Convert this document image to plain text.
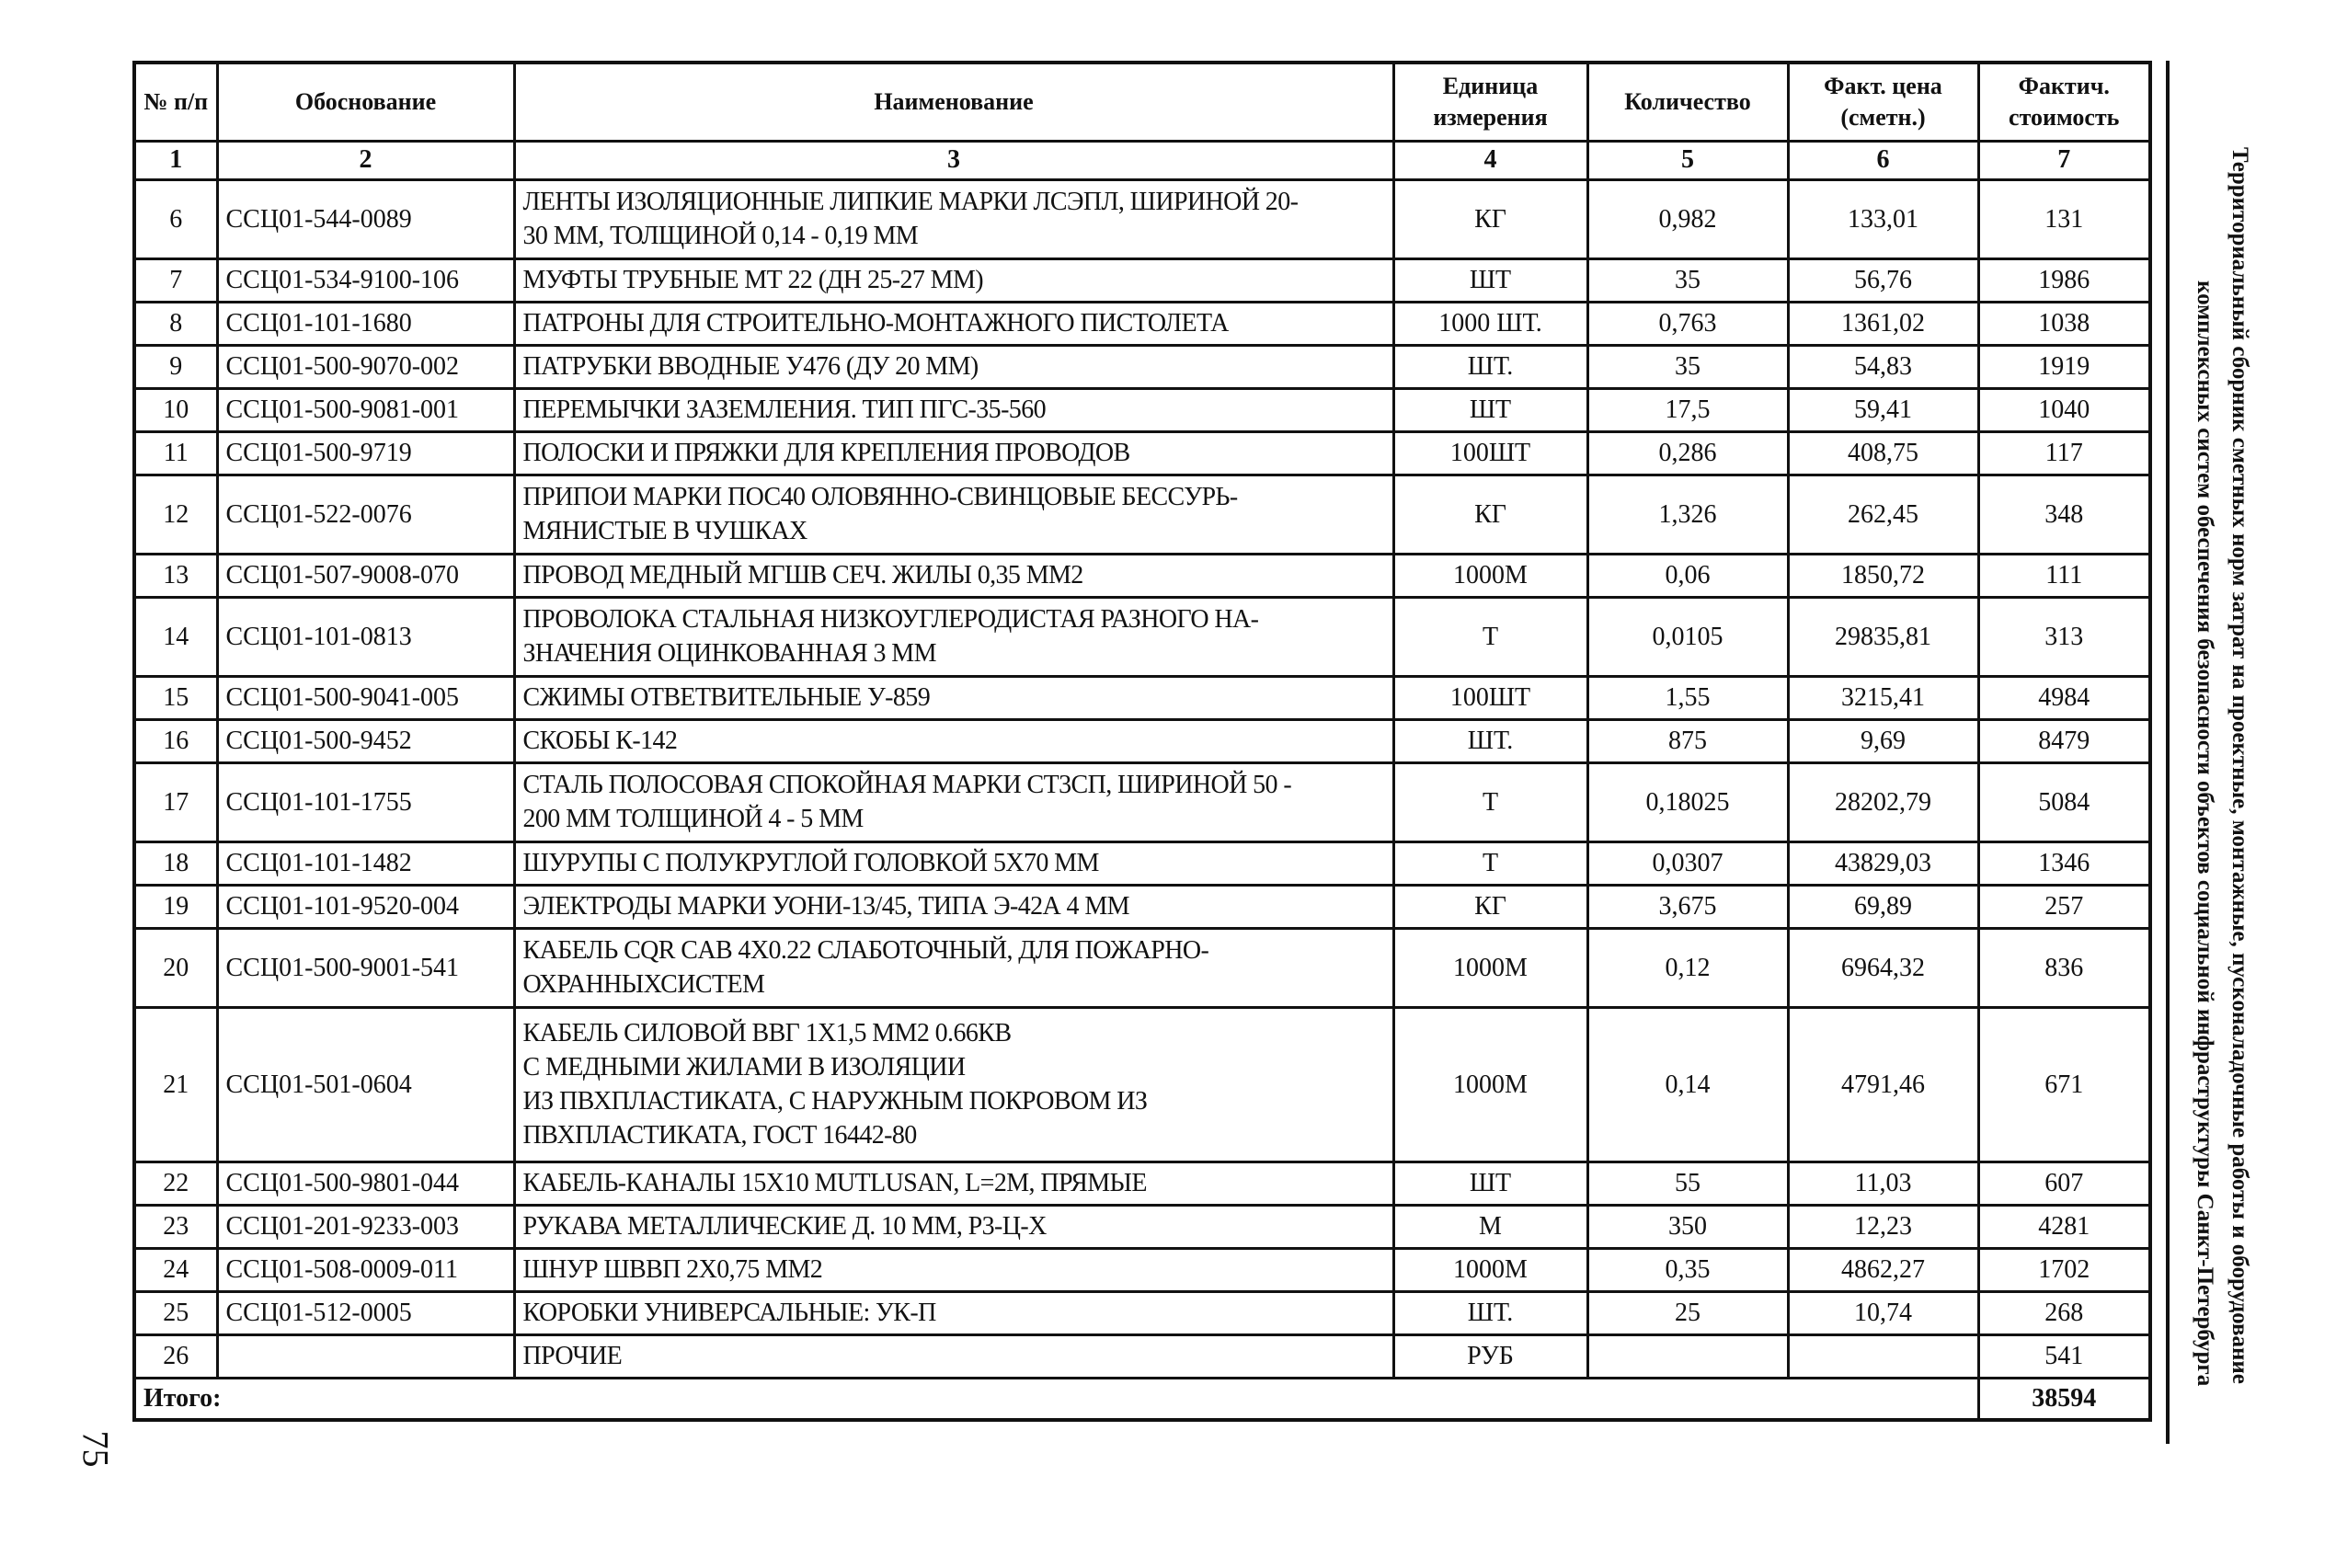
№ п/п	Обоснование	Наименование	Единица измерения	Количество	Факт. цена (сметн.)	Фактич. стоимость
1	2	3	4	5	6	7
6	ССЦ01-544-0089	ЛЕНТЫ ИЗОЛЯЦИОННЫЕ ЛИПКИЕ МАРКИ ЛСЭПЛ, ШИРИНОЙ 20-
30 ММ, ТОЛЩИНОЙ 0,14 - 0,19 ММ	КГ	0,982	133,01	131
7	ССЦ01-534-9100-106	МУФТЫ ТРУБНЫЕ МТ 22 (ДН 25-27 ММ)	ШТ	35	56,76	1986
8	ССЦ01-101-1680	ПАТРОНЫ ДЛЯ СТРОИТЕЛЬНО-МОНТАЖНОГО ПИСТОЛЕТА	1000 ШТ.	0,763	1361,02	1038
9	ССЦ01-500-9070-002	ПАТРУБКИ ВВОДНЫЕ У476 (ДУ 20 ММ)	ШТ.	35	54,83	1919
10	ССЦ01-500-9081-001	ПЕРЕМЫЧКИ ЗАЗЕМЛЕНИЯ. ТИП ПГС-35-560	ШТ	17,5	59,41	1040
11	ССЦ01-500-9719	ПОЛОСКИ И ПРЯЖКИ ДЛЯ КРЕПЛЕНИЯ ПРОВОДОВ	100ШТ	0,286	408,75	117
12	ССЦ01-522-0076	ПРИПОИ МАРКИ ПОС40 ОЛОВЯННО-СВИНЦОВЫЕ БЕССУРЬ-
МЯНИСТЫЕ В ЧУШКАХ	КГ	1,326	262,45	348
13	ССЦ01-507-9008-070	ПРОВОД МЕДНЫЙ МГШВ СЕЧ. ЖИЛЫ 0,35 ММ2	1000М	0,06	1850,72	111
14	ССЦ01-101-0813	ПРОВОЛОКА СТАЛЬНАЯ НИЗКОУГЛЕРОДИСТАЯ РАЗНОГО НА-
ЗНАЧЕНИЯ ОЦИНКОВАННАЯ 3 ММ	Т	0,0105	29835,81	313
15	ССЦ01-500-9041-005	СЖИМЫ ОТВЕТВИТЕЛЬНЫЕ У-859	100ШТ	1,55	3215,41	4984
16	ССЦ01-500-9452	СКОБЫ К-142	ШТ.	875	9,69	8479
17	ССЦ01-101-1755	СТАЛЬ ПОЛОСОВАЯ СПОКОЙНАЯ МАРКИ СТ3СП, ШИРИНОЙ 50 -
200 ММ ТОЛЩИНОЙ 4 - 5 ММ	Т	0,18025	28202,79	5084
18	ССЦ01-101-1482	ШУРУПЫ С ПОЛУКРУГЛОЙ ГОЛОВКОЙ 5Х70 ММ	Т	0,0307	43829,03	1346
19	ССЦ01-101-9520-004	ЭЛЕКТРОДЫ МАРКИ УОНИ-13/45, ТИПА Э-42А 4 ММ	КГ	3,675	69,89	257
20	ССЦ01-500-9001-541	КАБЕЛЬ CQR CAB 4X0.22 СЛАБОТОЧНЫЙ, ДЛЯ ПОЖАРНО-
ОХРАННЫХСИСТЕМ	1000М	0,12	6964,32	836
21	ССЦ01-501-0604	КАБЕЛЬ СИЛОВОЙ ВВГ 1Х1,5 ММ2 0.66КВ
С МЕДНЫМИ ЖИЛАМИ В ИЗОЛЯЦИИ
ИЗ ПВХПЛАСТИКАТА, С НАРУЖНЫМ ПОКРОВОМ ИЗ
ПВХПЛАСТИКАТА, ГОСТ 16442-80	1000М	0,14	4791,46	671
22	ССЦ01-500-9801-044	КАБЕЛЬ-КАНАЛЫ 15Х10 MUTLUSAN, L=2М, ПРЯМЫЕ	ШТ	55	11,03	607
23	ССЦ01-201-9233-003	РУКАВА МЕТАЛЛИЧЕСКИЕ Д. 10 ММ, Р3-Ц-Х	М	350	12,23	4281
24	ССЦ01-508-0009-011	ШНУР ШВВП 2Х0,75 ММ2	1000М	0,35	4862,27	1702
25	ССЦ01-512-0005	КОРОБКИ УНИВЕРСАЛЬНЫЕ: УК-П	ШТ.	25	10,74	268
26		ПРОЧИЕ	РУБ			541
Итого:						38594
Территориальный сборник сметных норм затрат на проектные, монтажные, пусконаладочные работы и оборудование
комплексных систем обеспечения безопасности объектов социальной инфраструктуры Санкт-Петербурга
75
